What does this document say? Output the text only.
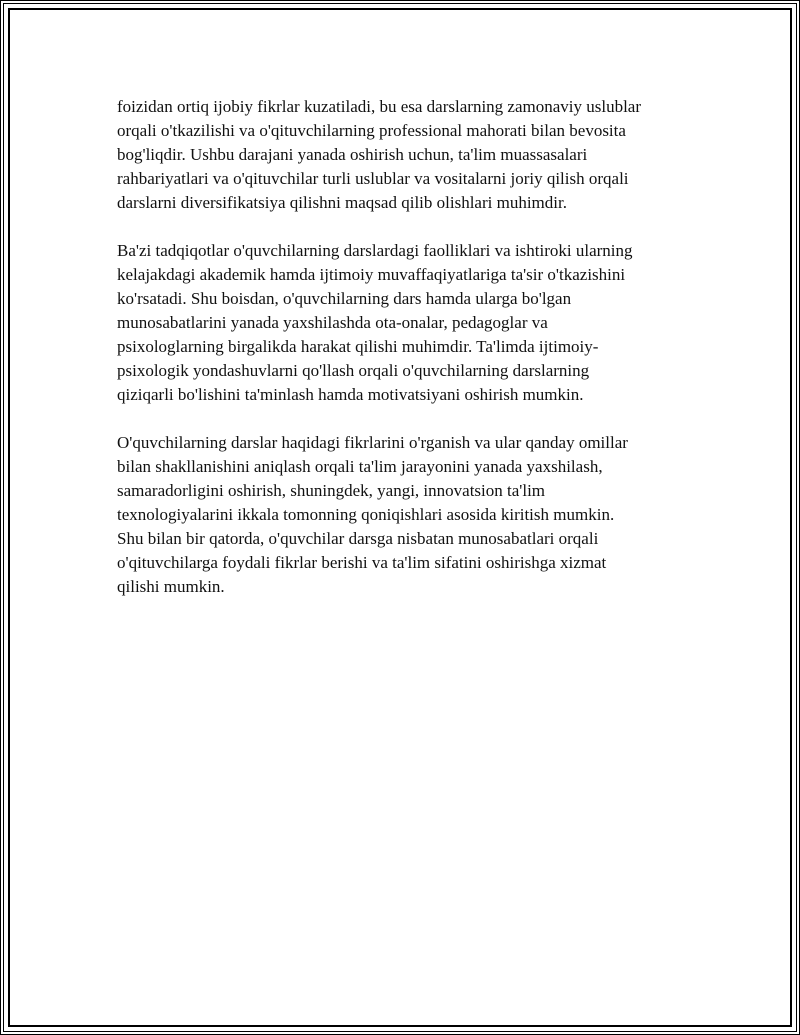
foizidan ortiq ijobiy fikrlar kuzatiladi, bu esa darslarning zamonaviy uslublar
orqali o'tkazilishi va o'qituvchilarning professional mahorati bilan bevosita
bog'liqdir. Ushbu darajani yanada oshirish uchun, ta'lim muassasalari
rahbariyatlari va o'qituvchilar turli uslublar va vositalarni joriy qilish orqali
darslarni diversifikatsiya qilishni maqsad qilib olishlari muhimdir.

Ba'zi tadqiqotlar o'quvchilarning darslardagi faolliklari va ishtiroki ularning
kelajakdagi akademik hamda ijtimoiy muvaffaqiyatlariga ta'sir o'tkazishini
ko'rsatadi. Shu boisdan, o'quvchilarning dars hamda ularga bo'lgan
munosabatlarini yanada yaxshilashda ota-onalar, pedagoglar va
psixologlarning birgalikda harakat qilishi muhimdir. Ta'limda ijtimoiy-
psixologik yondashuvlarni qo'llash orqali o'quvchilarning darslarning
qiziqarli bo'lishini ta'minlash hamda motivatsiyani oshirish mumkin.

O'quvchilarning darslar haqidagi fikrlarini o'rganish va ular qanday omillar
bilan shakllanishini aniqlash orqali ta'lim jarayonini yanada yaxshilash,
samaradorligini oshirish, shuningdek, yangi, innovatsion ta'lim
texnologiyalarini ikkala tomonning qoniqishlari asosida kiritish mumkin.
Shu bilan bir qatorda, o'quvchilar darsga nisbatan munosabatlari orqali
o'qituvchilarga foydali fikrlar berishi va ta'lim sifatini oshirishga xizmat
qilishi mumkin.
